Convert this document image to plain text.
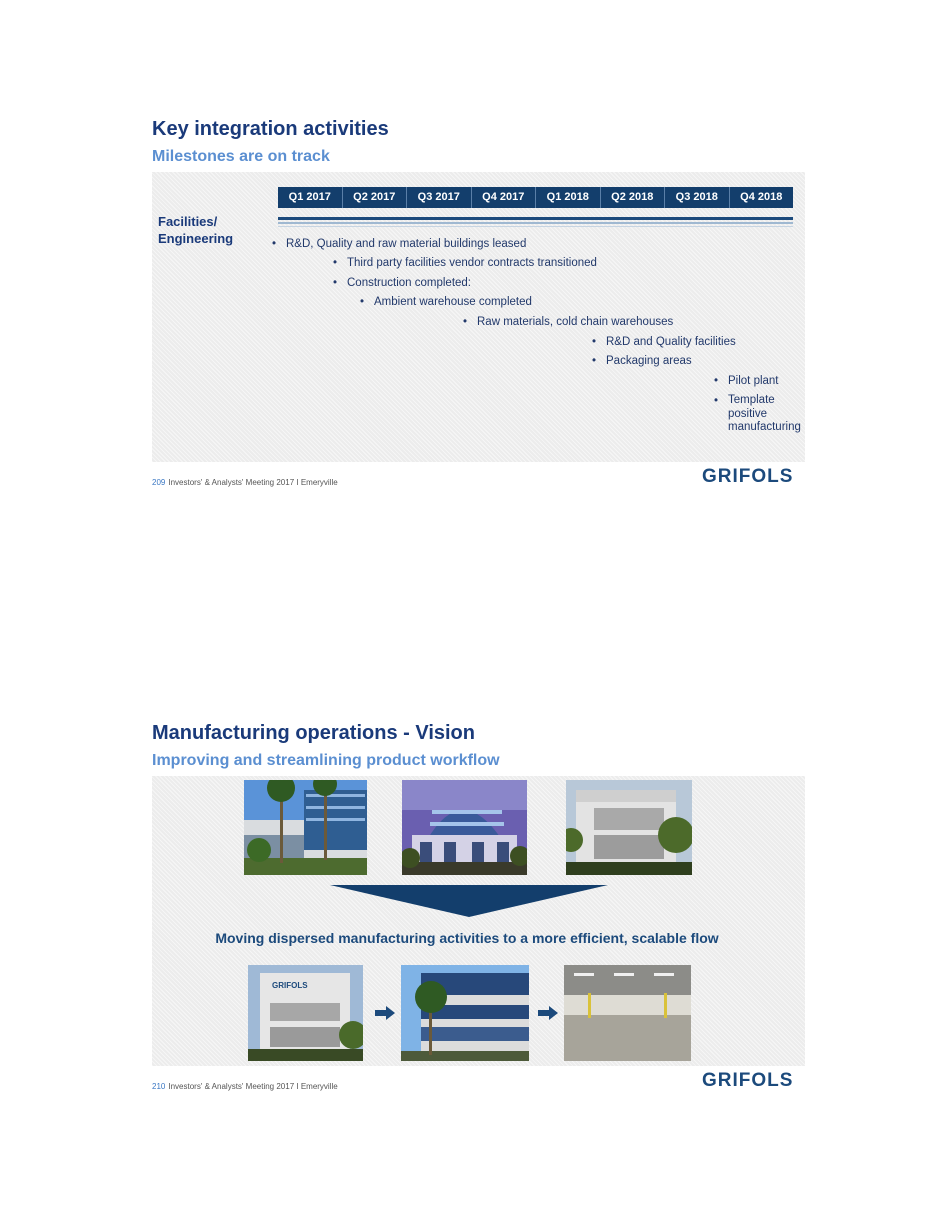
Key integration activities
Milestones are on track
Q1 2017	Q2 2017	Q3 2017	Q4 2017	Q1 2018	Q2 2018	Q3 2018	Q4 2018
Facilities/
Engineering	• R&D, Quality and raw material buildings leased
• Third party facilities vendor contracts transitioned
• Construction completed:
• Ambient warehouse completed
• Raw materials, cold chain warehouses
• R&D and Quality facilities
• Packaging areas
• Pilot plant
• Template positive manufacturing
209 Investors' & Analysts' Meeting 2017 I Emeryville	GRIFOLS
Manufacturing operations - Vision
Improving and streamlining product workflow
Moving dispersed manufacturing activities to a more efficient, scalable flow
GRIFOLS
210 Investors' & Analysts' Meeting 2017 I Emeryville	GRIFOLS
